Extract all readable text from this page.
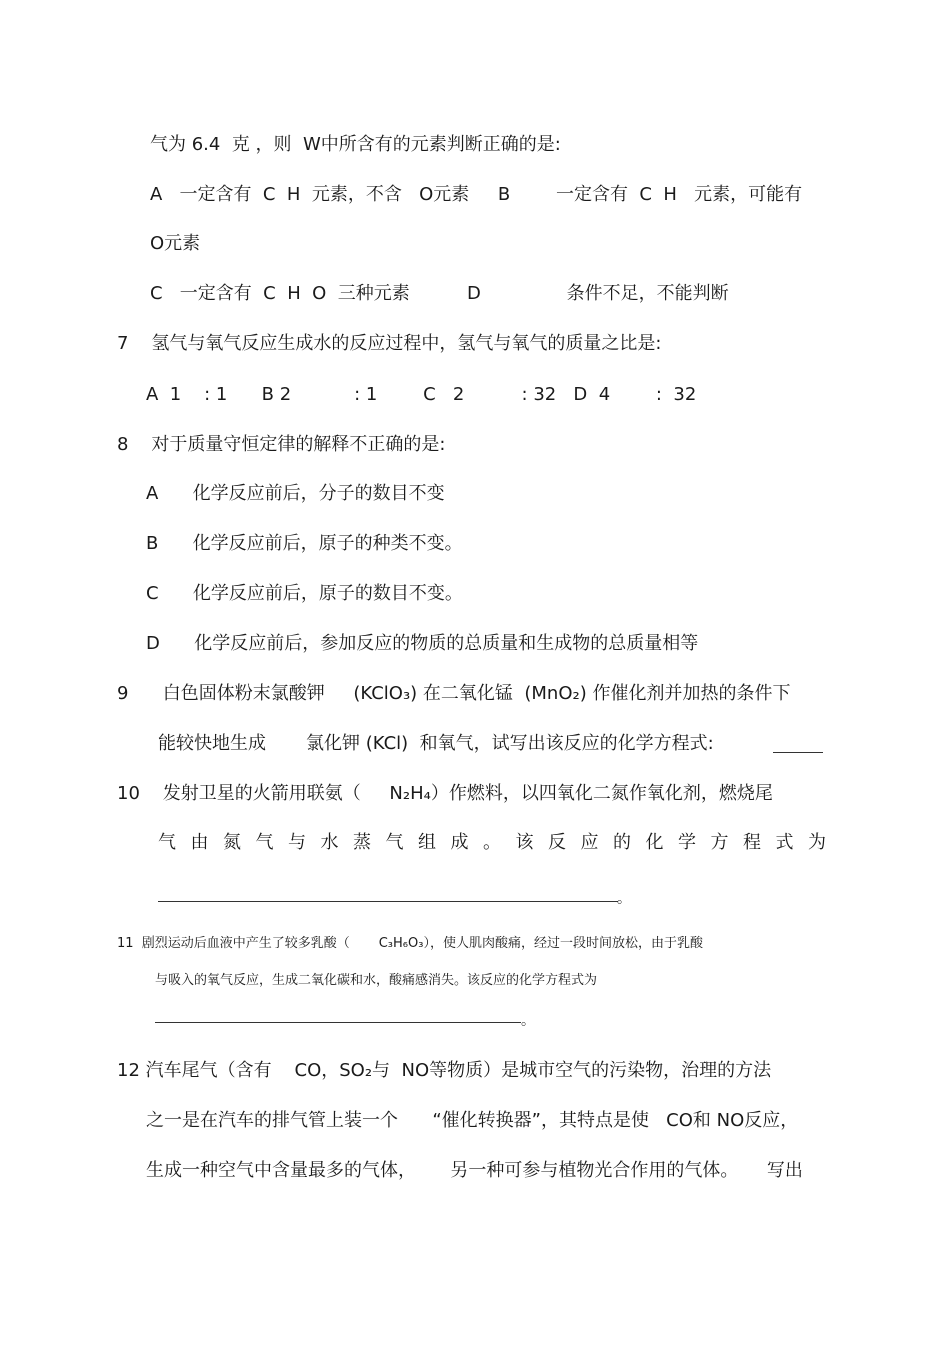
气为 6.4  克 ，则  W中所含有的元素判断正确的是:
A   一定含有  C  H  元素，不含   O元素     B        一定含有  C  H   元素，可能有
O元素
C   一定含有  C  H  O  三种元素          D               条件不足，不能判断
7    氢气与氧气反应生成水的反应过程中，氢气与氧气的质量之比是:
A  1    : 1      B 2           : 1        C   2          : 32   D  4        :  32
8    对于质量守恒定律的解释不正确的是:
A      化学反应前后，分子的数目不变
B      化学反应前后，原子的种类不变。
C      化学反应前后，原子的数目不变。
D      化学反应前后，参加反应的物质的总质量和生成物的总质量相等
9      白色固体粉末氯酸钾     (KClO₃) 在二氧化锰  (MnO₂) 作催化剂并加热的条件下
能较快地生成       氯化钾 (KCl)  和氧气，试写出该反应的化学方程式:
10    发射卫星的火箭用联氨（     N₂H₄）作燃料，以四氧化二氮作氧化剂，燃烧尾
气 由 氮 气 与 水 蒸 气 组 成 。 该 反 应 的 化 学 方 程 式 为
。
11  剧烈运动后血液中产生了较多乳酸（       C₃H₆O₃），使人肌肉酸痛，经过一段时间放松，由于乳酸
与吸入的氧气反应，生成二氧化碳和水，酸痛感消失。该反应的化学方程式为
。
12 汽车尾气（含有    CO，SO₂与  NO等物质）是城市空气的污染物，治理的方法
之一是在汽车的排气管上装一个      “催化转换器”，其特点是使   CO和 NO反应，
生成一种空气中含量最多的气体，      另一种可参与植物光合作用的气体。     写出
